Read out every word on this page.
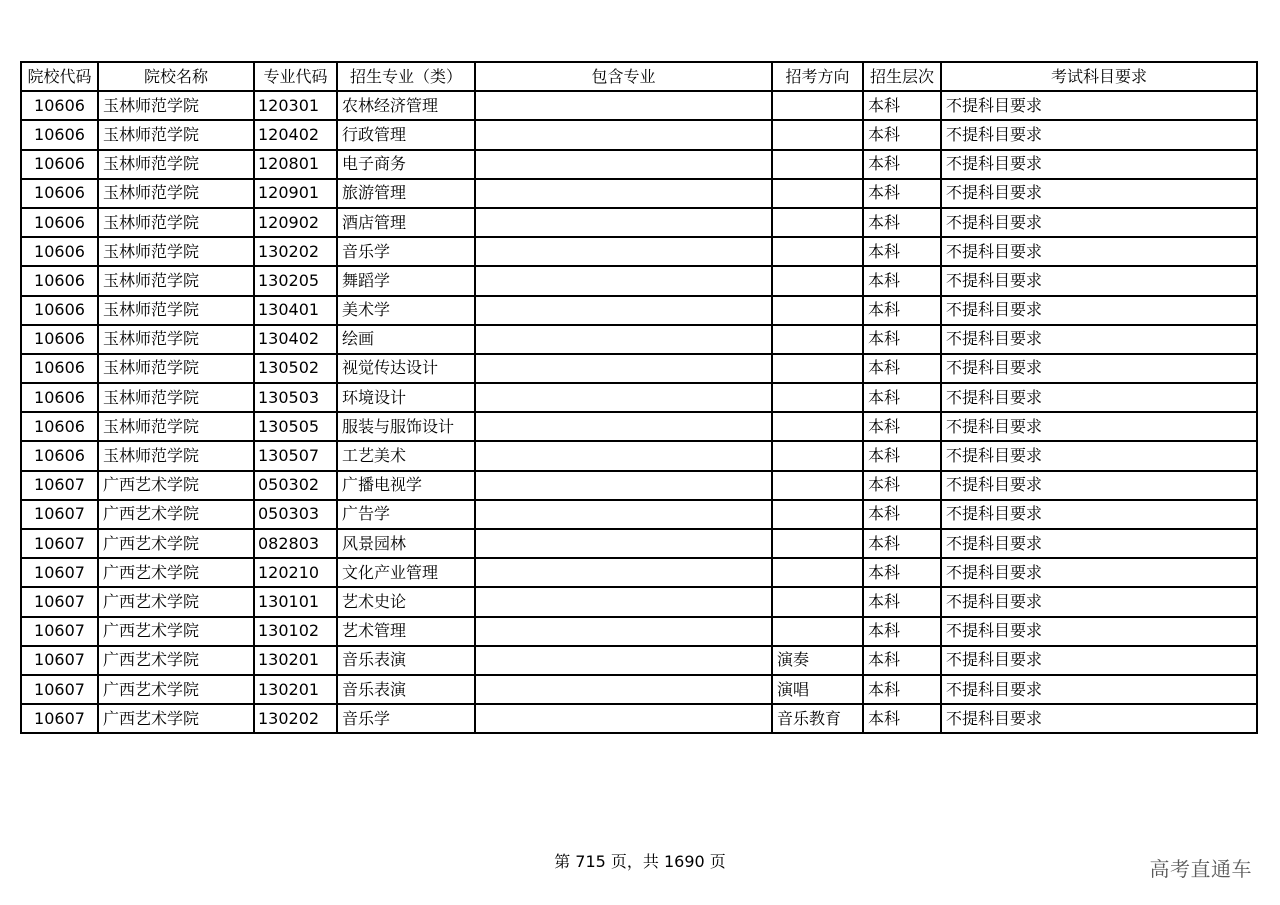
院校代码	院校名称	专业代码	招生专业（类）	包含专业	招考方向	招生层次	考试科目要求
10606	玉林师范学院	120301	农林经济管理			本科	不提科目要求
10606	玉林师范学院	120402	行政管理			本科	不提科目要求
10606	玉林师范学院	120801	电子商务			本科	不提科目要求
10606	玉林师范学院	120901	旅游管理			本科	不提科目要求
10606	玉林师范学院	120902	酒店管理			本科	不提科目要求
10606	玉林师范学院	130202	音乐学			本科	不提科目要求
10606	玉林师范学院	130205	舞蹈学			本科	不提科目要求
10606	玉林师范学院	130401	美术学			本科	不提科目要求
10606	玉林师范学院	130402	绘画			本科	不提科目要求
10606	玉林师范学院	130502	视觉传达设计			本科	不提科目要求
10606	玉林师范学院	130503	环境设计			本科	不提科目要求
10606	玉林师范学院	130505	服装与服饰设计			本科	不提科目要求
10606	玉林师范学院	130507	工艺美术			本科	不提科目要求
10607	广西艺术学院	050302	广播电视学			本科	不提科目要求
10607	广西艺术学院	050303	广告学			本科	不提科目要求
10607	广西艺术学院	082803	风景园林			本科	不提科目要求
10607	广西艺术学院	120210	文化产业管理			本科	不提科目要求
10607	广西艺术学院	130101	艺术史论			本科	不提科目要求
10607	广西艺术学院	130102	艺术管理			本科	不提科目要求
10607	广西艺术学院	130201	音乐表演		演奏	本科	不提科目要求
10607	广西艺术学院	130201	音乐表演		演唱	本科	不提科目要求
10607	广西艺术学院	130202	音乐学		音乐教育	本科	不提科目要求
第 715 页，共 1690 页	高考直通车
